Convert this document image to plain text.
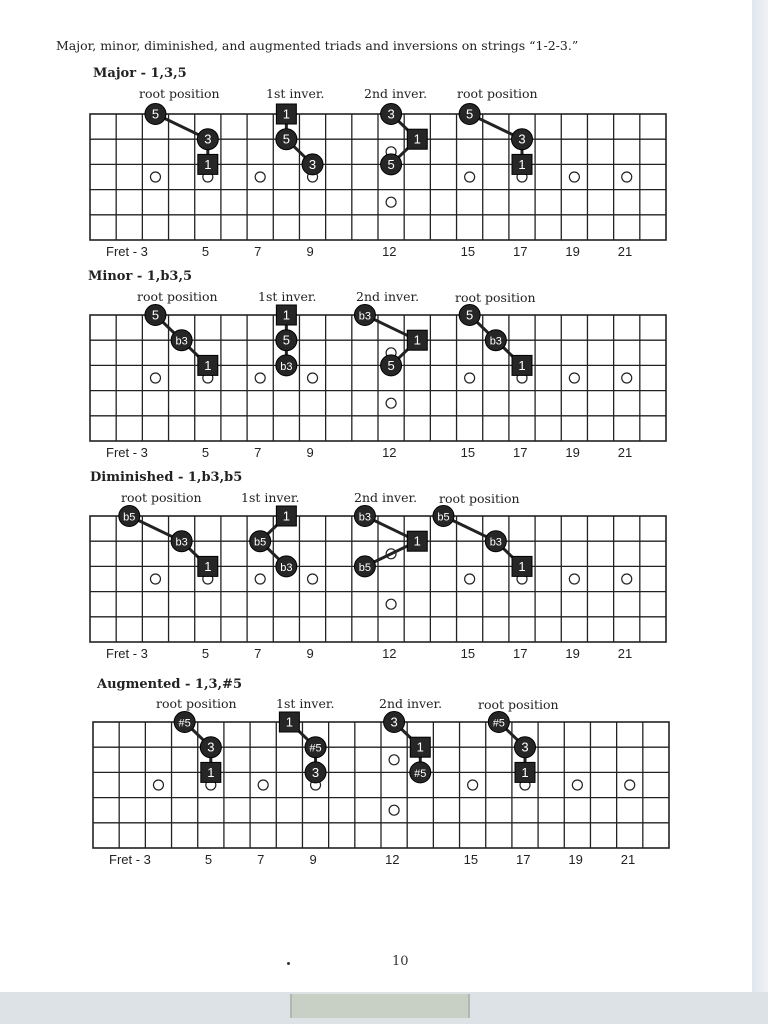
Major, minor, diminished, and augmented triads and inversions on strings “1-2-3.”
Major - 1,3,5
root position	1st inver.	2nd inver. root position
5
3
1
1
5
3
3
1
5
5
3
1
Minor - 1,b3,5
root position	1st inver.	2nd inver.	root position
5
b3
1
1
5
b3
b3
1
5
5
b3
1
Diminished - 1,b3,b5
root position	1st inver.	2nd inver. root position
b5
b3
1
1
b5
b3
b3
1
b5
b5
b3
1
Augmented - 1,3,#5
root position	1st inver.	2nd inver.	root position
#5
3
1
1
#5
3
3
1
#5
#5
3
1
10
Fret - 3	5	7	9	12	15	17	19	21
Fret - 3	5	7	9	12	15	17	19	21
Fret - 3	5	7	9	12	15	17	19	21
Fret - 3	5	7	9	12	15	17	19	21
